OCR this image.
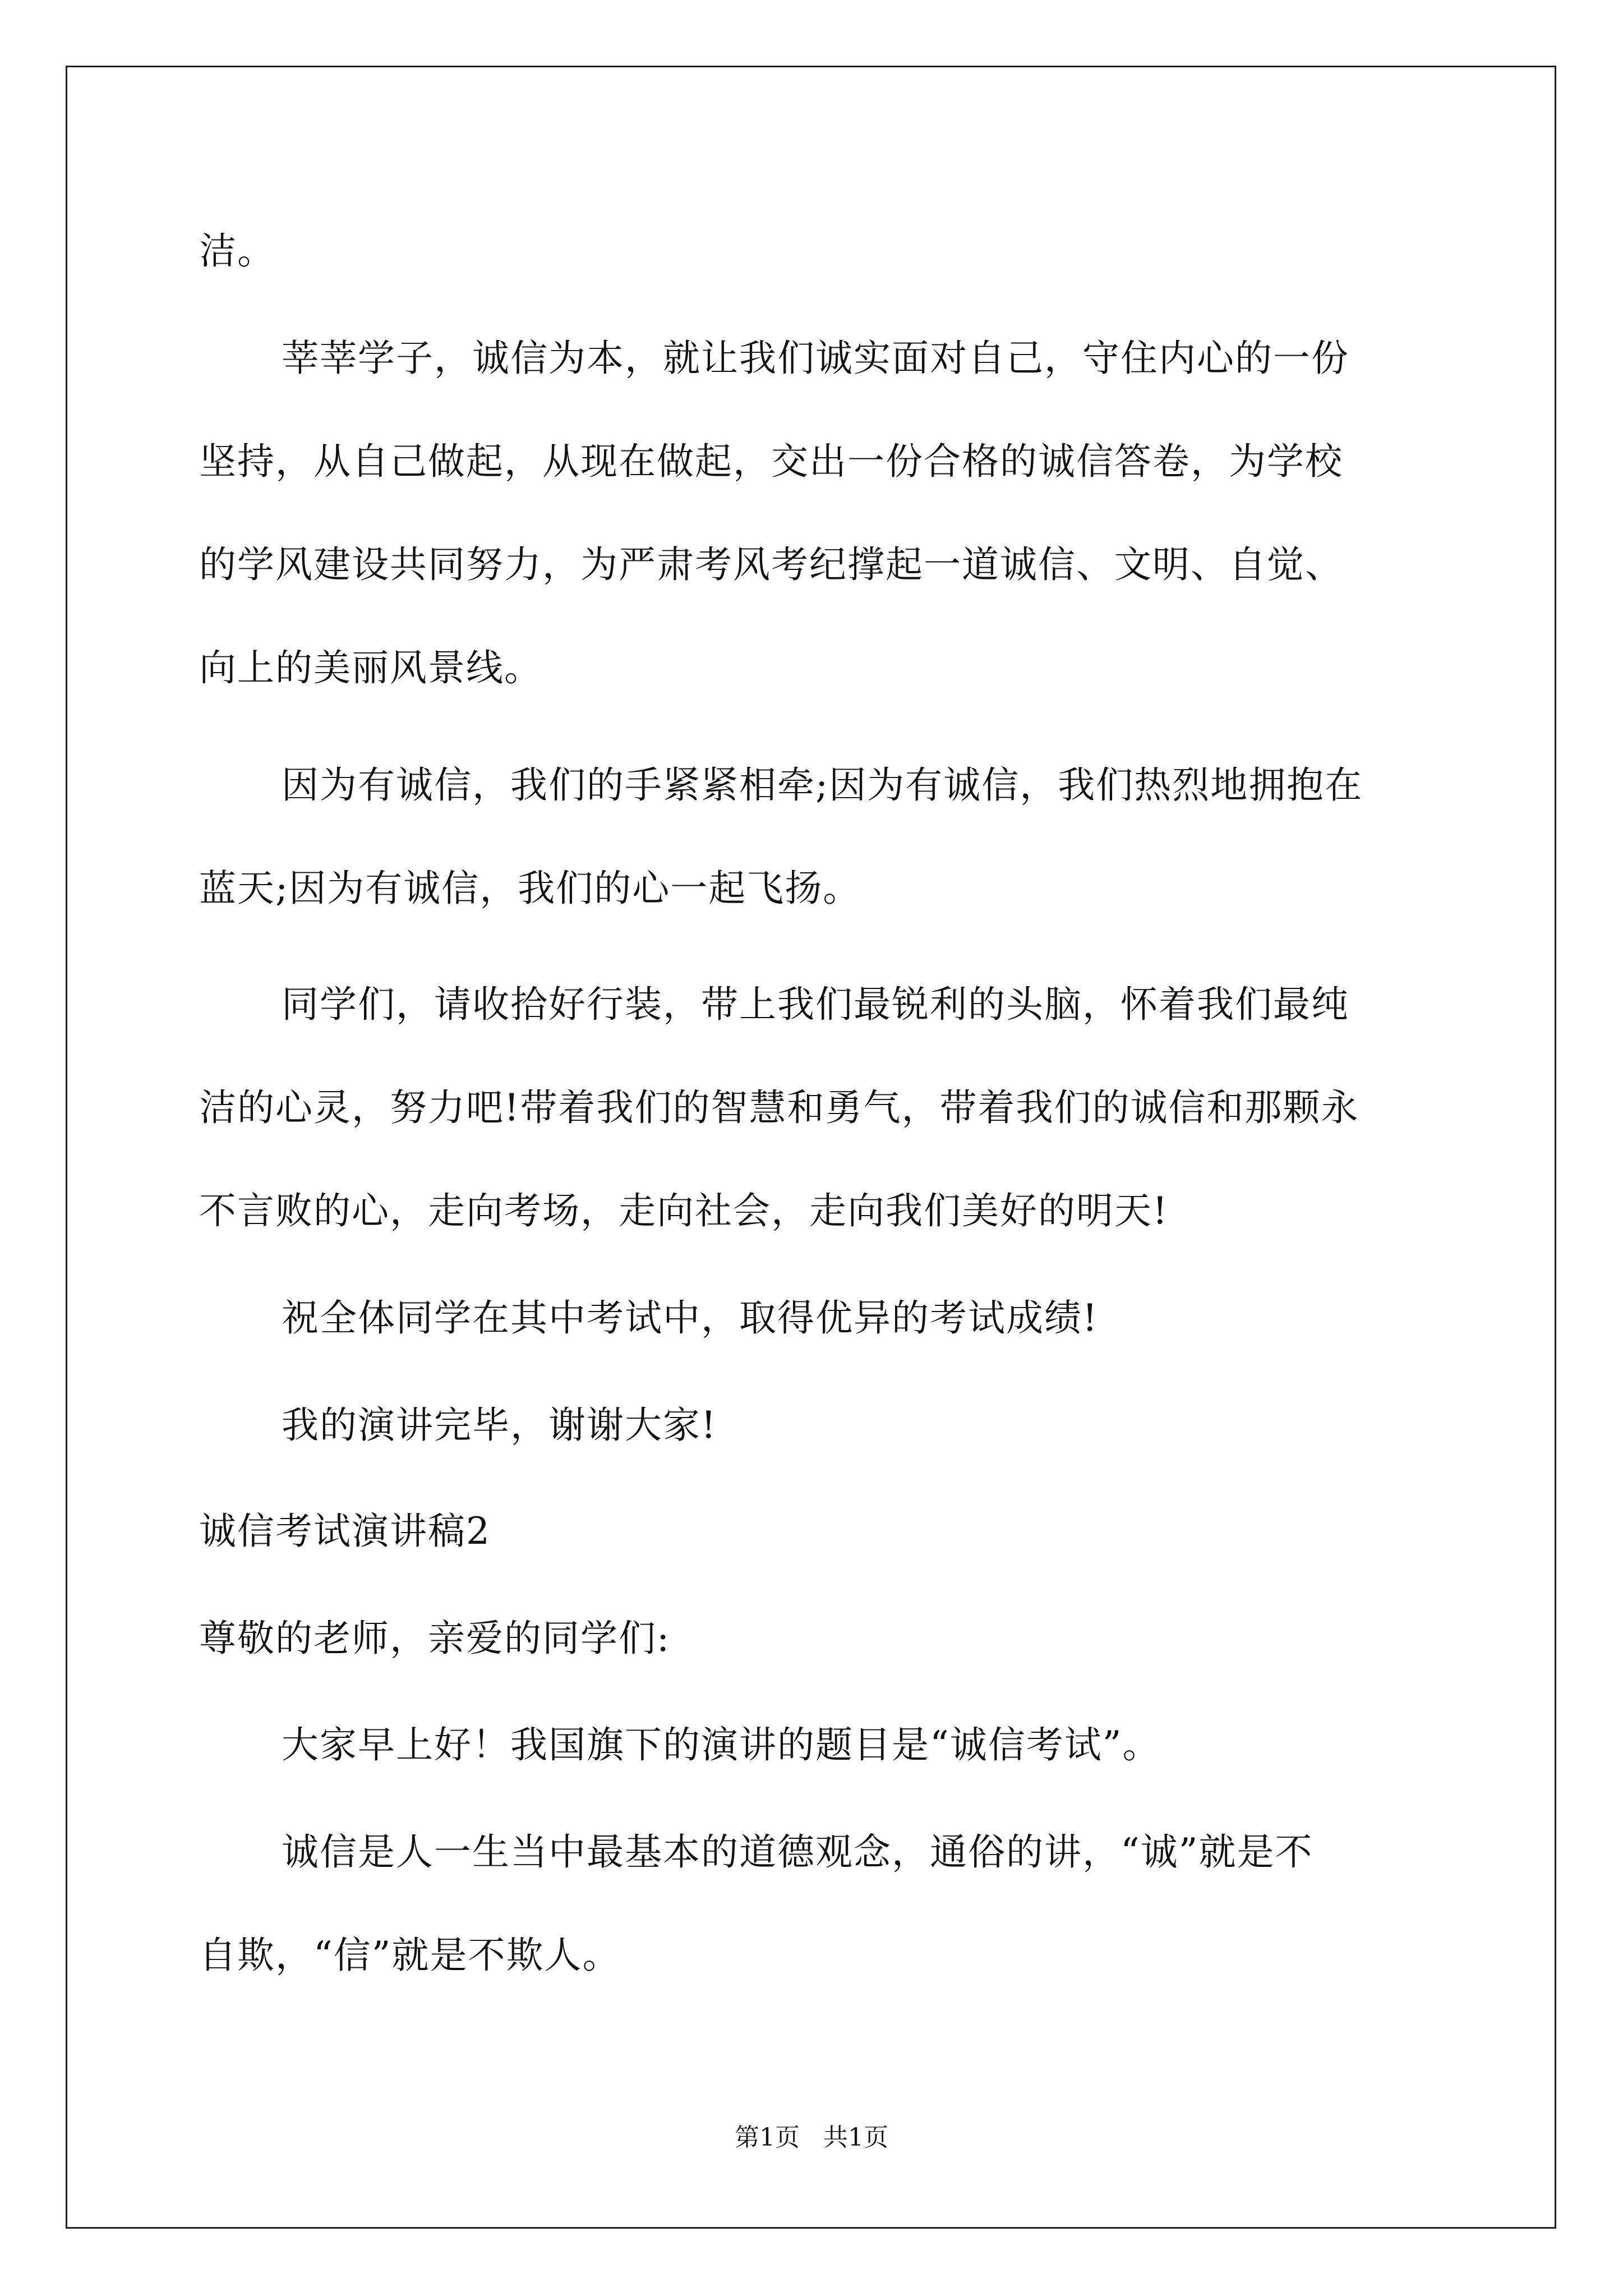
洁。
莘莘学子，诚信为本，就让我们诚实面对自己，守住内心的一份
坚持，从自己做起，从现在做起，交出一份合格的诚信答卷，为学校
的学风建设共同努力，为严肃考风考纪撑起一道诚信、文明、自觉、
向上的美丽风景线。
因为有诚信，我们的手紧紧相牵;因为有诚信，我们热烈地拥抱在
蓝天;因为有诚信，我们的心一起飞扬。
同学们，请收拾好行装，带上我们最锐利的头脑，怀着我们最纯
洁的心灵，努力吧!带着我们的智慧和勇气，带着我们的诚信和那颗永
不言败的心，走向考场，走向社会，走向我们美好的明天!
祝全体同学在其中考试中，取得优异的考试成绩!
我的演讲完毕，谢谢大家!
诚信考试演讲稿2
尊敬的老师，亲爱的同学们:
大家早上好！我国旗下的演讲的题目是“诚信考试”。
诚信是人一生当中最基本的道德观念，通俗的讲，“诚”就是不
自欺，“信”就是不欺人。
第1页   共1页
